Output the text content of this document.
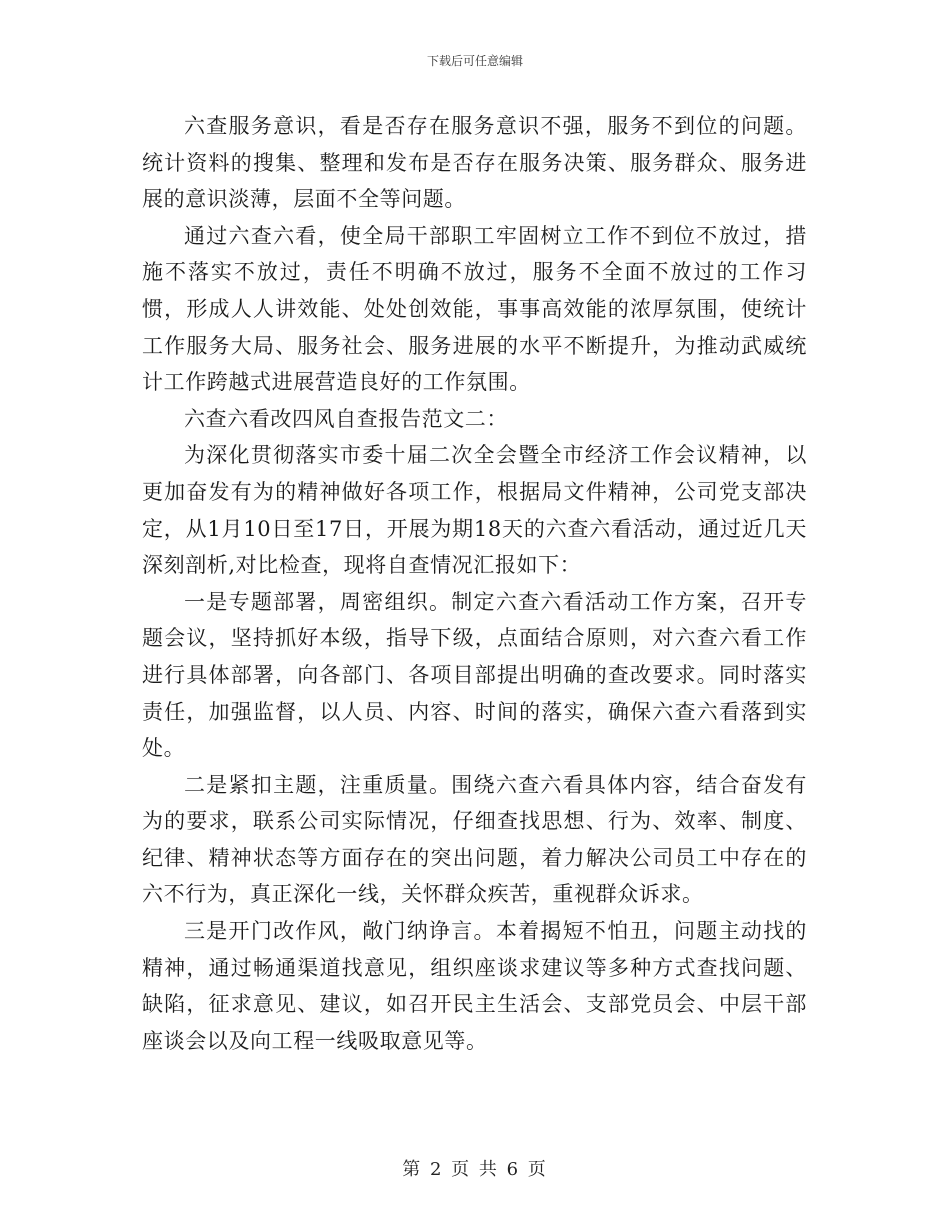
下载后可任意编辑

六查服务意识，看是否存在服务意识不强，服务不到位的问题。统计资料的搜集、整理和发布是否存在服务决策、服务群众、服务进展的意识淡薄，层面不全等问题。

通过六查六看，使全局干部职工牢固树立工作不到位不放过，措施不落实不放过，责任不明确不放过，服务不全面不放过的工作习惯，形成人人讲效能、处处创效能，事事高效能的浓厚氛围，使统计工作服务大局、服务社会、服务进展的水平不断提升，为推动武威统计工作跨越式进展营造良好的工作氛围。

六查六看改四风自查报告范文二：

为深化贯彻落实市委十届二次全会暨全市经济工作会议精神，以更加奋发有为的精神做好各项工作，根据局文件精神，公司党支部决定，从1月10日至17日，开展为期18天的六查六看活动，通过近几天深刻剖析,对比检查，现将自查情况汇报如下：

一是专题部署，周密组织。制定六查六看活动工作方案，召开专题会议，坚持抓好本级，指导下级，点面结合原则，对六查六看工作进行具体部署，向各部门、各项目部提出明确的查改要求。同时落实责任，加强监督，以人员、内容、时间的落实，确保六查六看落到实处。

二是紧扣主题，注重质量。围绕六查六看具体内容，结合奋发有为的要求，联系公司实际情况，仔细查找思想、行为、效率、制度、纪律、精神状态等方面存在的突出问题，着力解决公司员工中存在的六不行为，真正深化一线，关怀群众疾苦，重视群众诉求。

三是开门改作风，敞门纳诤言。本着揭短不怕丑，问题主动找的精神，通过畅通渠道找意见，组织座谈求建议等多种方式查找问题、缺陷，征求意见、建议，如召开民主生活会、支部党员会、中层干部座谈会以及向工程一线吸取意见等。

第 2 页 共 6 页
